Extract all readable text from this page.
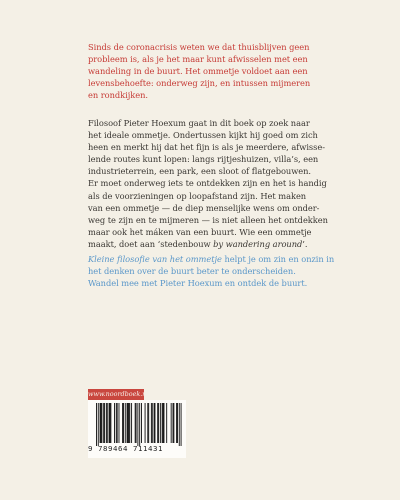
Sinds de coronacrisis weten we dat thuisblijven geen
probleem is, als je het maar kunt afwisselen met een
wandeling in de buurt. Het ommetje voldoet aan een
levensbehoefte: onderweg zijn, en intussen mijmeren
en rondkijken.
Filosoof Pieter Hoexum gaat in dit boek op zoek naar
het ideale ommetje. Ondertussen kijkt hij goed om zich
heen en merkt hij dat het fijn is als je meerdere, afwisse-
lende routes kunt lopen: langs rijtjeshuizen, villa’s, een
industrieterrein, een park, een sloot of flatgebouwen.
Er moet onderweg iets te ontdekken zijn en het is handig
als de voorzieningen op loopafstand zijn. Het maken
van een ommetje — de diep menselijke wens om onder-
weg te zijn en te mijmeren — is niet alleen het ontdekken
maar ook het máken van een buurt. Wie een ommetje
maakt, doet aan ‘stedenbouw by wandering around’.
Kleine filosofie van het ommetje helpt je om zin en onzin in
het denken over de buurt beter te onderscheiden.
Wandel mee met Pieter Hoexum en ontdek de buurt.
www.noordboek.nl
9 789464 711431
